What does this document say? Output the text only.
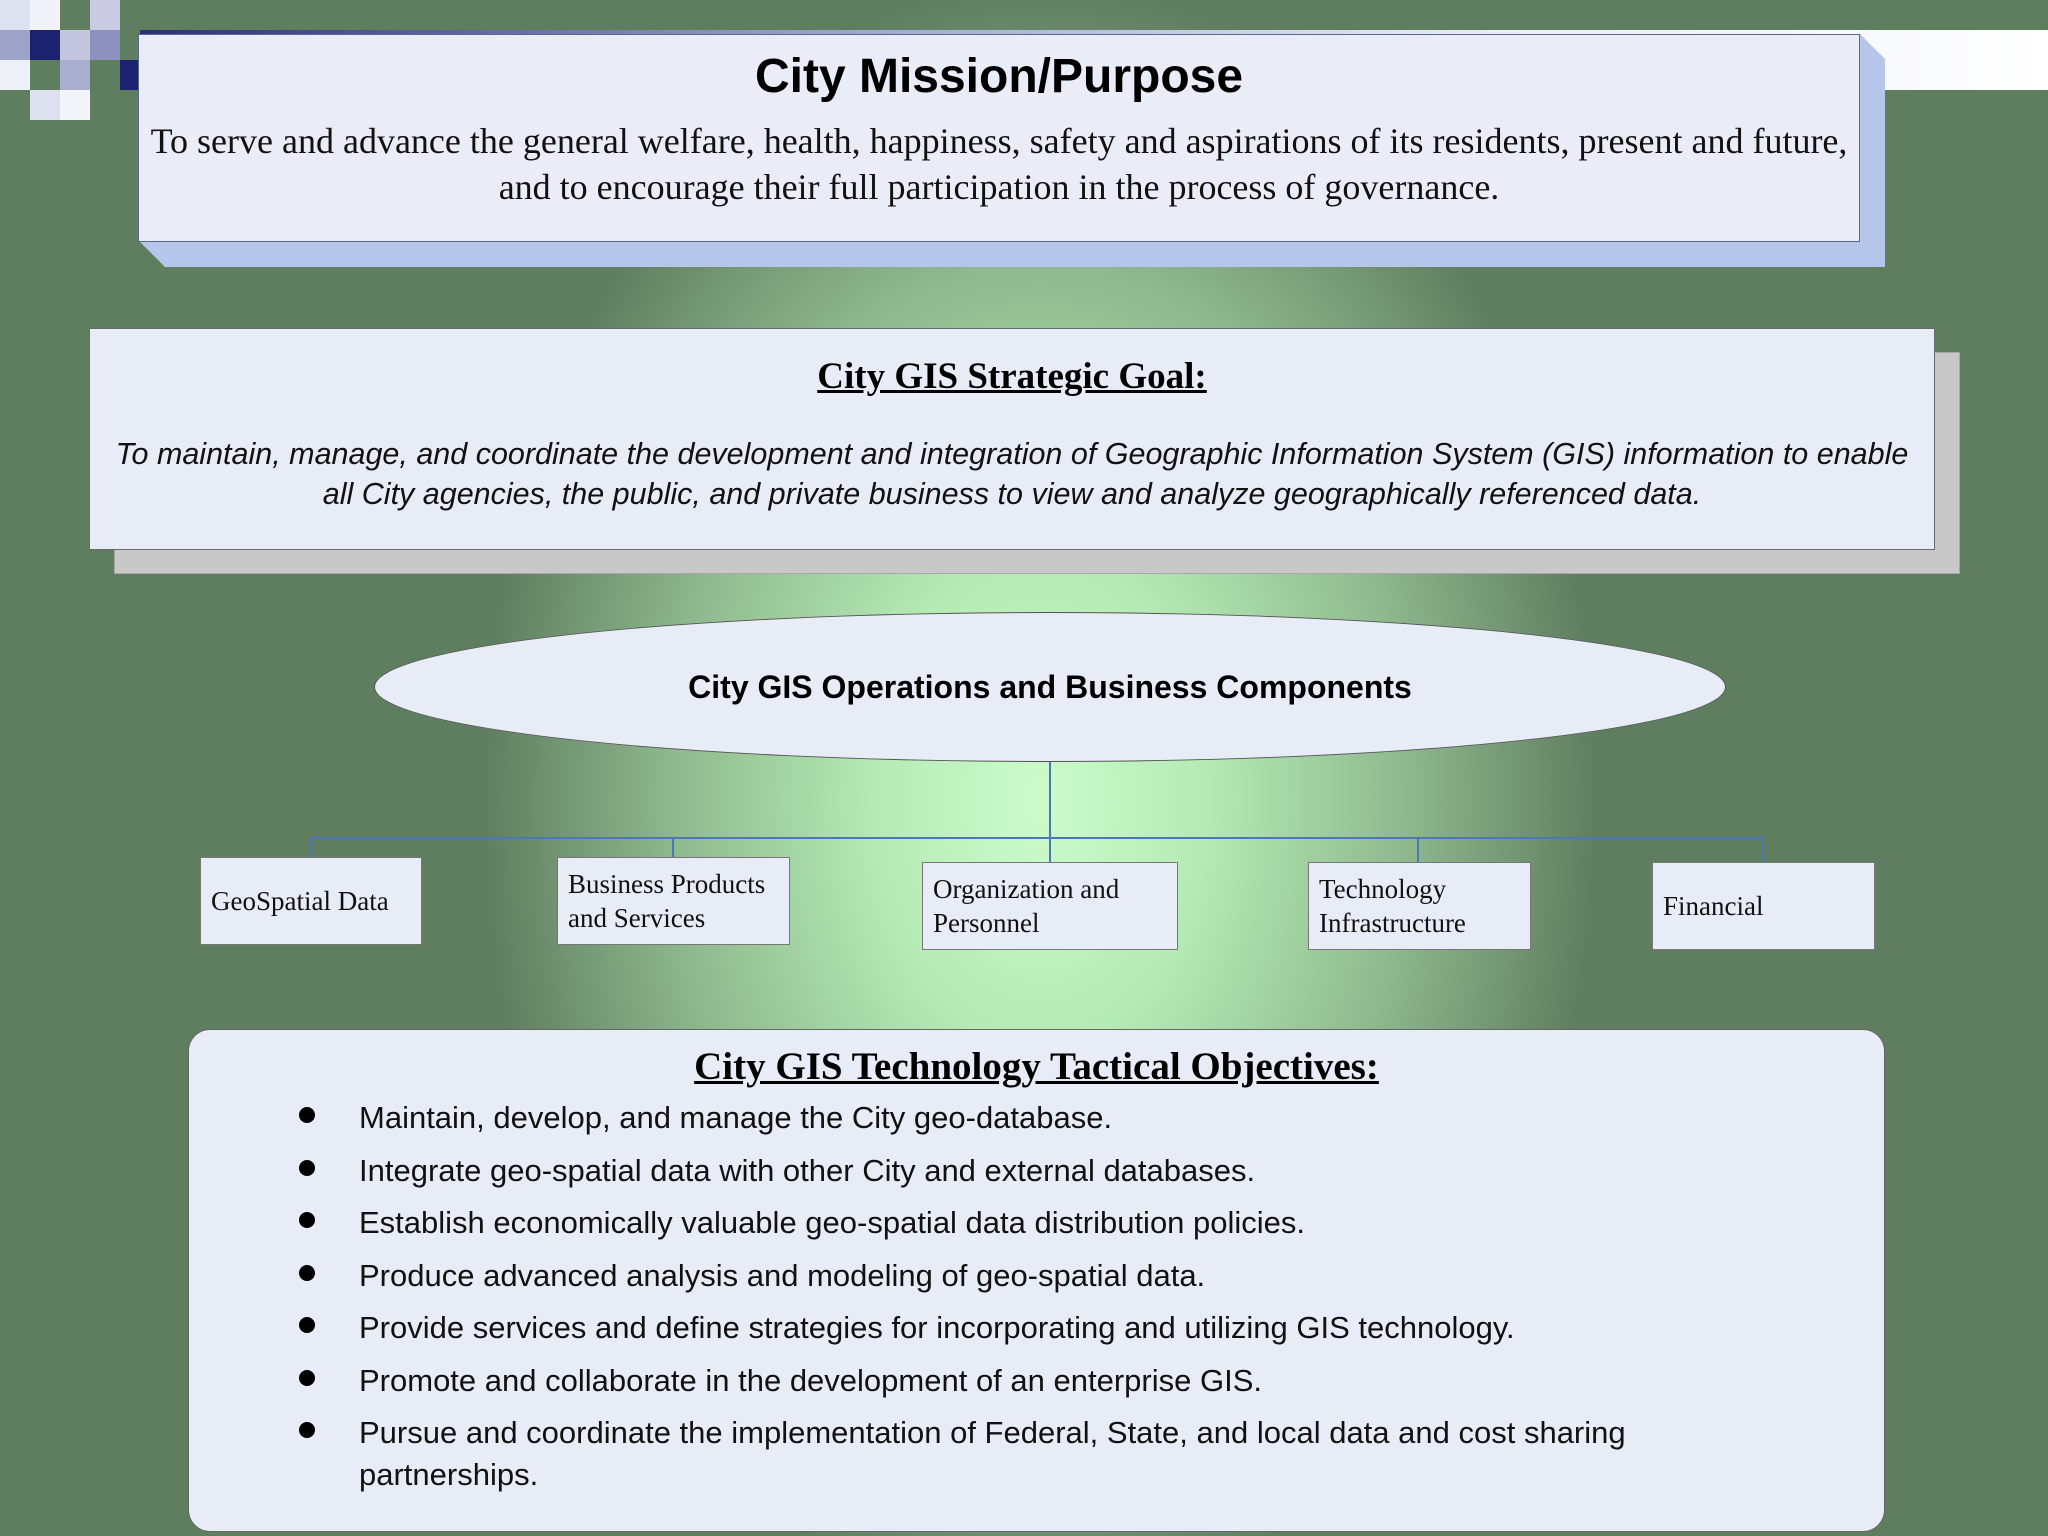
City Mission/Purpose
To serve and advance the general welfare, health, happiness, safety and aspirations of its residents, present and future, and to encourage their full participation in the process of governance.
City GIS Strategic Goal:
To maintain, manage, and coordinate the development and integration of Geographic Information System (GIS) information to enable all City agencies, the public, and private business to view and analyze geographically referenced data.
City GIS Operations and Business Components
GeoSpatial Data
Business Products and Services
Organization and Personnel
Technology Infrastructure
Financial
City GIS Technology Tactical Objectives:
Maintain, develop, and manage the City geo-database.
Integrate geo-spatial data with other City and external databases.
Establish economically valuable geo-spatial data distribution policies.
Produce advanced analysis and modeling of geo-spatial data.
Provide services and define strategies for incorporating and utilizing GIS technology.
Promote and collaborate in the development of an enterprise GIS.
Pursue and coordinate the implementation of Federal, State, and local data and cost sharing partnerships.
